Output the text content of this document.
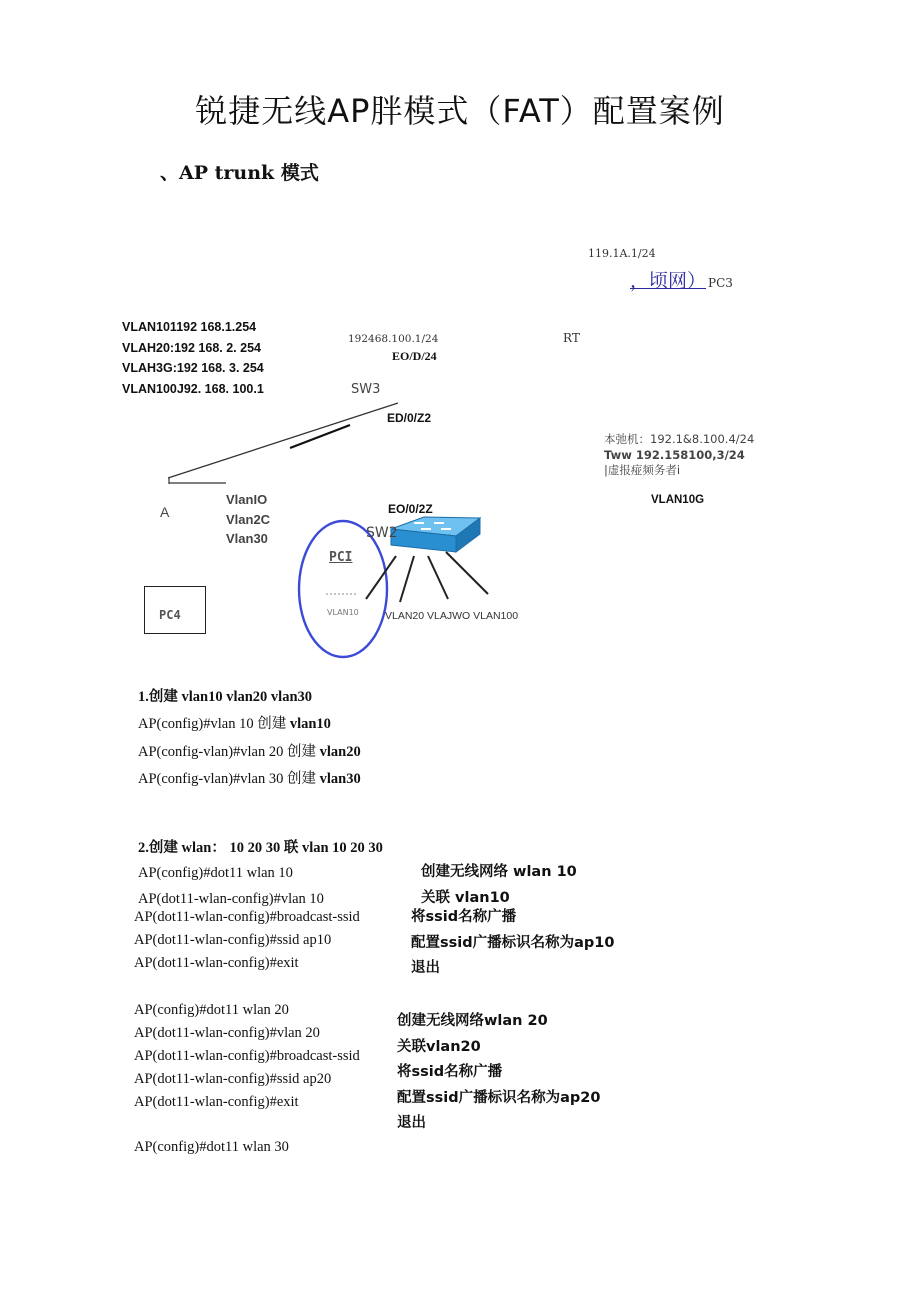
锐捷无线AP胖模式（FAT）配置案例
、AP trunk 模式
119.1A.1/24
，顷网） PC3
VLAN101192 168.1.254
VLAH20:192 168. 2. 254
VLAH3G:192 168. 3. 254
VLAN100J92. 168. 100.1
192468.100.1/24	RT
EO/D/24
SW3
ED/0/Z2
本弛机：192.1&8.100.4/24
Tww 192.158100,3/24
|虚报痖频务者i
VLAN10G
A
VlanIO
Vlan2C
Vlan30
EO/0/2Z
SW2
PCI
VLAN10	VLAN20 VLAJWO VLAN100
PC4
1.创建 vlan10 vlan20 vlan30
AP(config)#vlan 10 创建 vlan10
AP(config-vlan)#vlan 20 创建 vlan20
AP(config-vlan)#vlan 30 创建 vlan30
2.创建 wlan： 10 20 30 联 vlan 10 20 30
AP(config)#dot11 wlan 10
AP(dot11-wlan-config)#vlan 10
AP(dot11-wlan-config)#broadcast-ssid
AP(dot11-wlan-config)#ssid ap10
AP(dot11-wlan-config)#exit
创建无线网络 wlan 10
关联 vlan10
将ssid名称广播
配置ssid广播标识名称为ap10
退出
AP(config)#dot11 wlan 20
AP(dot11-wlan-config)#vlan 20
AP(dot11-wlan-config)#broadcast-ssid
AP(dot11-wlan-config)#ssid ap20
AP(dot11-wlan-config)#exit
创建无线网络wlan 20
关联vlan20
将ssid名称广播
配置ssid广播标识名称为ap20
退出
AP(config)#dot11 wlan 30
